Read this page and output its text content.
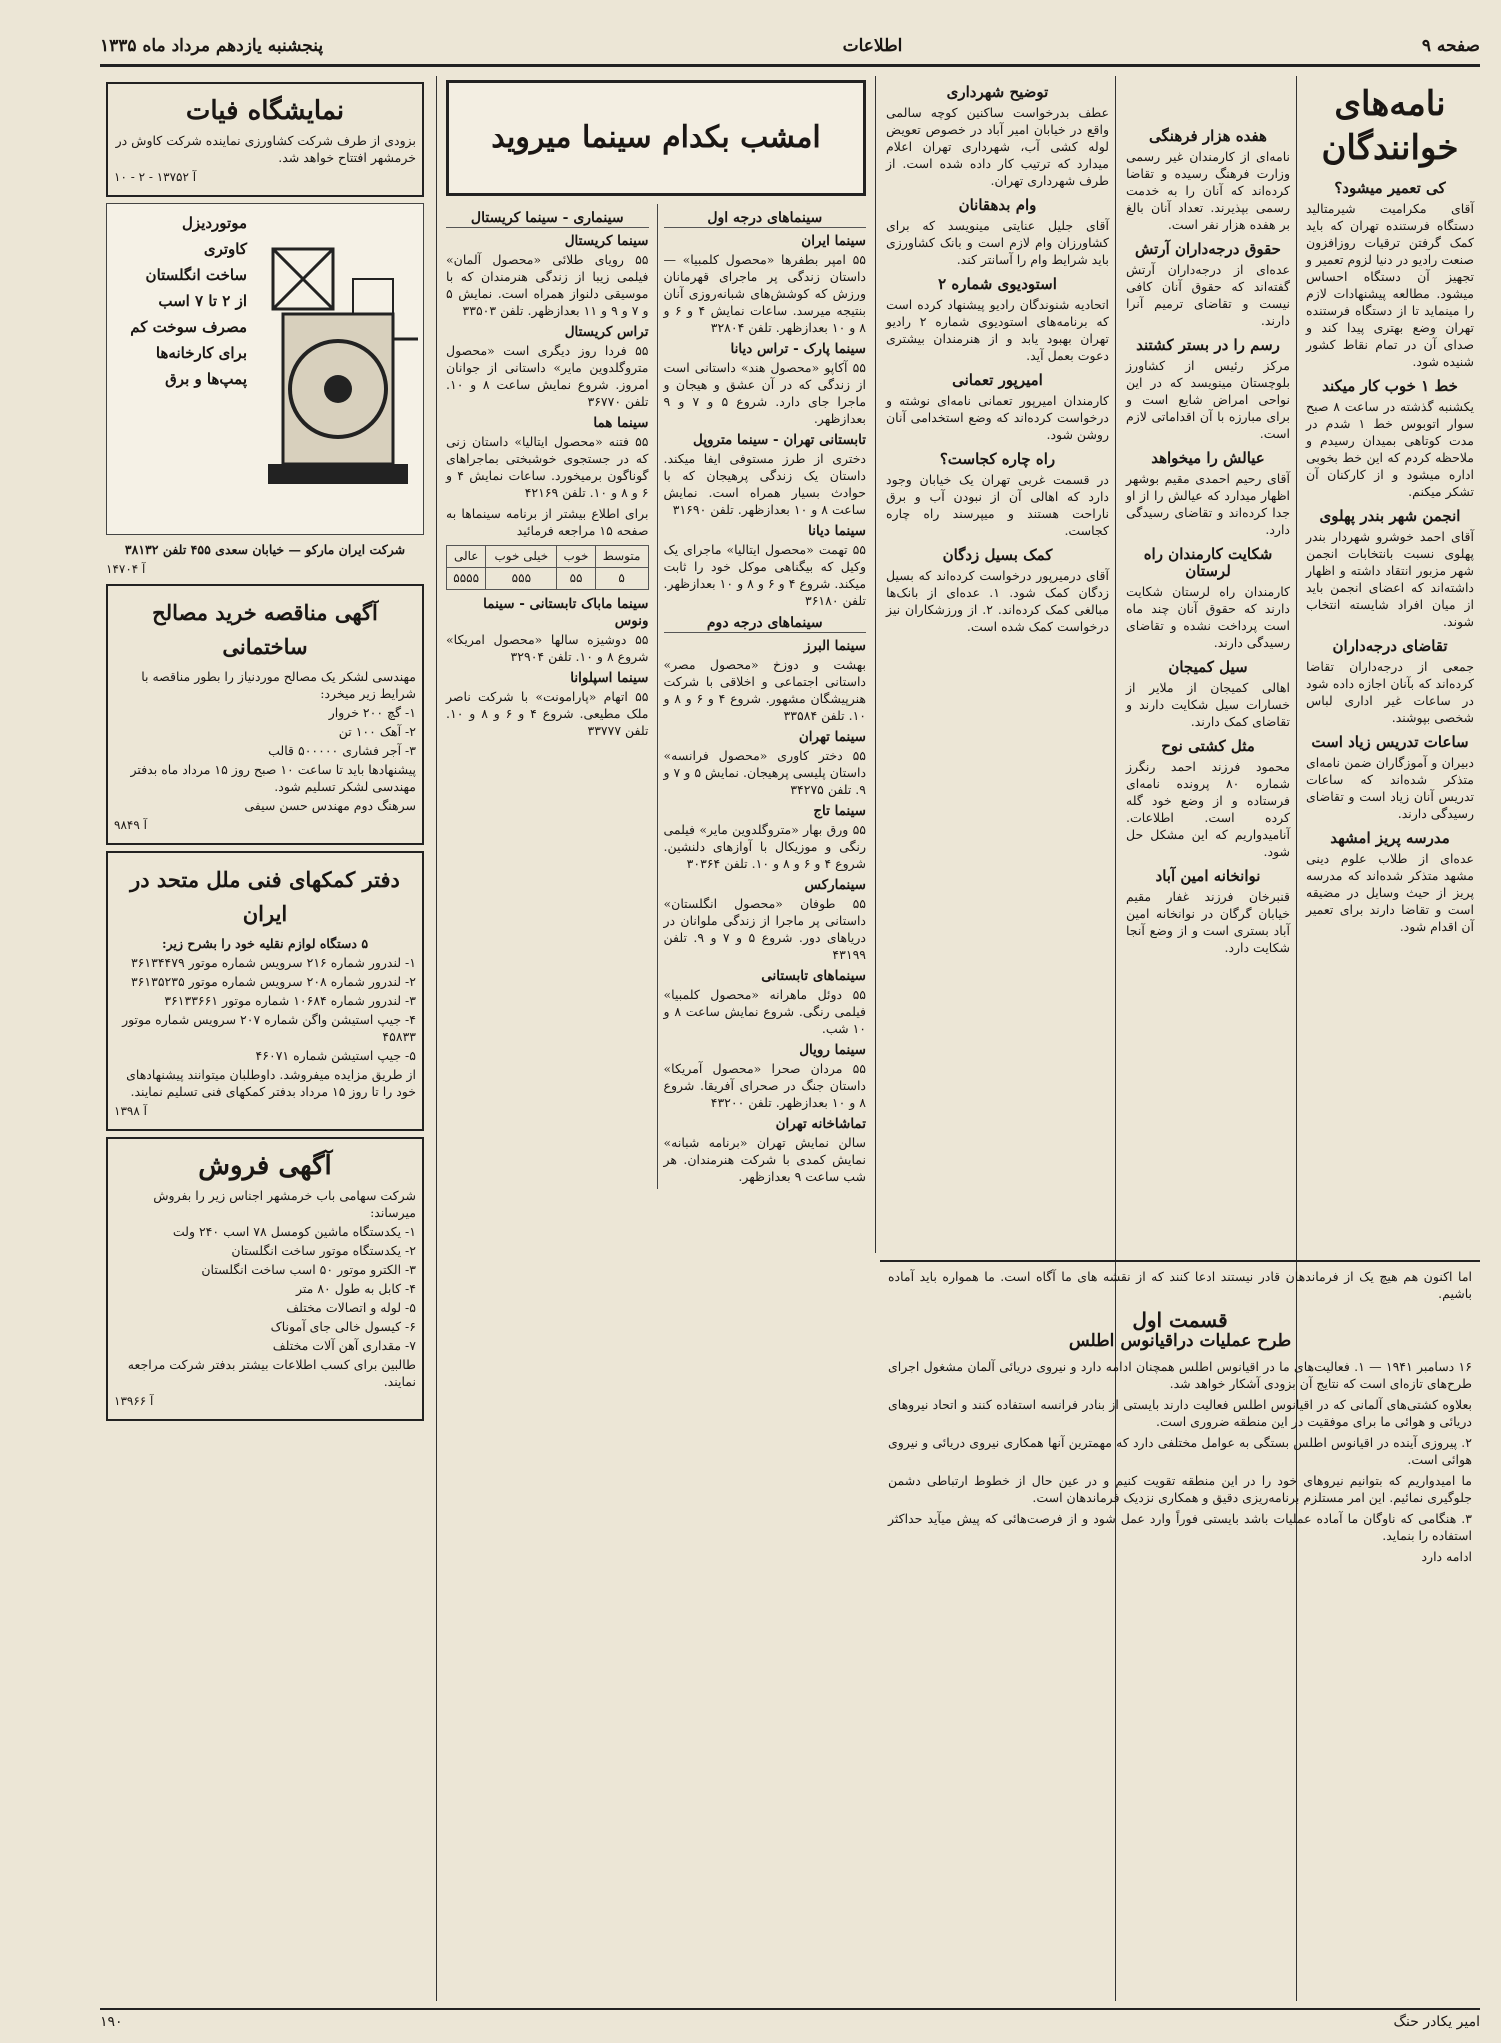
صفحه ۹
اطلاعات
پنجشنبه یازدهم مرداد ماه ۱۳۳۵
نامه‌های خوانندگان
کی تعمیر میشود؟

آقای مکرامیت شیرمتالید دستگاه فرستنده تهران که باید کمک گرفتن ترقیات روزافزون صنعت رادیو در دنیا لزوم تعمیر و تجهیز آن دستگاه احساس میشود. مطالعه پیشنهادات لازم را مینماید تا از دستگاه فرستنده تهران وضع بهتری پیدا کند و صدای آن در تمام نقاط کشور شنیده شود.

خط ۱ خوب کار میکند

یکشنبه گذشته در ساعت ۸ صبح سوار اتوبوس خط ۱ شدم در مدت کوتاهی بمیدان رسیدم و ملاحظه کردم که این خط بخوبی اداره میشود و از کارکنان آن تشکر میکنم.

انجمن شهر بندر پهلوی

آقای احمد خوشرو شهردار بندر پهلوی نسبت بانتخابات انجمن شهر مزبور انتقاد داشته و اظهار داشته‌اند که اعضای انجمن باید از میان افراد شایسته انتخاب شوند.

تقاضای درجه‌داران

جمعی از درجه‌داران تقاضا کرده‌اند که بآنان اجازه داده شود در ساعات غیر اداری لباس شخصی بپوشند.

ساعات تدریس زیاد است

دبیران و آموزگاران ضمن نامه‌ای متذکر شده‌اند که ساعات تدریس آنان زیاد است و تقاضای رسیدگی دارند.

مدرسه پریز امشهد

عده‌ای از طلاب علوم دینی مشهد متذکر شده‌اند که مدرسه پریز از حیث وسایل در مضیقه است و تقاضا دارند برای تعمیر آن اقدام شود.

هفده هزار فرهنگی

نامه‌ای از کارمندان غیر رسمی وزارت فرهنگ رسیده و تقاضا کرده‌اند که آنان را به خدمت رسمی بپذیرند. تعداد آنان بالغ بر هفده هزار نفر است.

حقوق درجه‌داران آرتش

عده‌ای از درجه‌داران آرتش گفته‌اند که حقوق آنان کافی نیست و تقاضای ترمیم آنرا دارند.

رسم را در بستر کشتند

مرکز رئیس از کشاورز بلوچستان مینویسد که در این نواحی امراض شایع است و برای مبارزه با آن اقداماتی لازم است.

عیالش را میخواهد

آقای رحیم احمدی مقیم بوشهر اظهار میدارد که عیالش را از او جدا کرده‌اند و تقاضای رسیدگی دارد.

شکایت کارمندان راه لرستان

کارمندان راه لرستان شکایت دارند که حقوق آنان چند ماه است پرداخت نشده و تقاضای رسیدگی دارند.

سیل کمیجان

اهالی کمیجان از ملایر از خسارات سیل شکایت دارند و تقاضای کمک دارند.

مثل کشتی نوح

محمود فرزند احمد رنگرز شماره ۸۰ پرونده نامه‌ای فرستاده و از وضع خود گله کرده است. اطلاعات. آنامیدواریم که این مشکل حل شود.

نوانخانه امین آباد

قنبرخان فرزند غفار مقیم خیابان گرگان در نوانخانه امین آباد بستری است و از وضع آنجا شکایت دارد.

توضیح شهرداری

عطف بدرخواست ساکنین کوچه سالمی واقع در خیابان امیر آباد در خصوص تعویض لوله کشی آب، شهرداری تهران اعلام میدارد که ترتیب کار داده شده است. از طرف شهرداری تهران.

وام بدهقانان

آقای جلیل عنایتی مینویسد که برای کشاورزان وام لازم است و بانک کشاورزی باید شرایط وام را آسانتر کند.

استودیوی شماره ۲

اتحادیه شنوندگان رادیو پیشنهاد کرده است که برنامه‌های استودیوی شماره ۲ رادیو تهران بهبود یابد و از هنرمندان بیشتری دعوت بعمل آید.

امیرپور تعمانی

کارمندان امیرپور تعمانی نامه‌ای نوشته و درخواست کرده‌اند که وضع استخدامی آنان روشن شود.

راه چاره کجاست؟

در قسمت غربی تهران یک خیابان وجود دارد که اهالی آن از نبودن آب و برق ناراحت هستند و میپرسند راه چاره کجاست.

کمک بسیل زدگان

آقای درمیرپور درخواست کرده‌اند که بسیل زدگان کمک شود. ۱. عده‌ای از بانک‌ها مبالغی کمک کرده‌اند. ۲. از ورزشکاران نیز درخواست کمک شده است.

اما اکنون هم هیچ یک از فرماندهان قادر نیستند ادعا کنند که از نقشه های ما آگاه است. ما همواره باید آماده باشیم.

قسمت اول
طرح عملیات دراقیانوس اطلس

۱۶ دسامبر ۱۹۴۱ — ۱. فعالیت‌های ما در اقیانوس اطلس همچنان ادامه دارد و نیروی دریائی آلمان مشغول اجرای طرح‌های تازه‌ای است که نتایج آن بزودی آشکار خواهد شد.

بعلاوه کشتی‌های آلمانی که در اقیانوس اطلس فعالیت دارند بایستی از بنادر فرانسه استفاده کنند و اتحاد نیروهای دریائی و هوائی ما برای موفقیت در این منطقه ضروری است.

۲. پیروزی آینده در اقیانوس اطلس بستگی به عوامل مختلفی دارد که مهمترین آنها همکاری نیروی دریائی و نیروی هوائی است.

ما امیدواریم که بتوانیم نیروهای خود را در این منطقه تقویت کنیم و در عین حال از خطوط ارتباطی دشمن جلوگیری نمائیم. این امر مستلزم برنامه‌ریزی دقیق و همکاری نزدیک فرماندهان است.

۳. هنگامی که ناوگان ما آماده عملیات باشد بایستی فوراً وارد عمل شود و از فرصت‌هائی که پیش میآید حداکثر استفاده را بنماید.

ادامه دارد

امشب بکدام سینما میروید
سینماهای درجه اول
سینما ایران

۵۵ امپر بطفرها «محصول کلمبیا» — داستان زندگی پر ماجرای قهرمانان ورزش که کوشش‌های شبانه‌روزی آنان بنتیجه میرسد. ساعات نمایش ۴ و ۶ و ۸ و ۱۰ بعدازظهر. تلفن ۳۲۸۰۴

سینما پارک - تراس دیانا

۵۵ آکاپو «محصول هند» داستانی است از زندگی که در آن عشق و هیجان و ماجرا جای دارد. شروع ۵ و ۷ و ۹ بعدازظهر.

تابستانی تهران - سینما متروپل

دختری از طرز مستوفی ایفا میکند. داستان یک زندگی پرهیجان که با حوادث بسیار همراه است. نمایش ساعت ۸ و ۱۰ بعدازظهر. تلفن ۳۱۶۹۰

سینما دیانا

۵۵ تهمت «محصول ایتالیا» ماجرای یک وکیل که بیگناهی موکل خود را ثابت میکند. شروع ۴ و ۶ و ۸ و ۱۰ بعدازظهر. تلفن ۳۶۱۸۰

سینماهای درجه دوم
سینما البرز

بهشت و دوزخ «محصول مصر» داستانی اجتماعی و اخلاقی با شرکت هنرپیشگان مشهور. شروع ۴ و ۶ و ۸ و ۱۰. تلفن ۳۳۵۸۴

سینما تهران

۵۵ دختر کاوری «محصول فرانسه» داستان پلیسی پرهیجان. نمایش ۵ و ۷ و ۹. تلفن ۳۴۲۷۵

سینما تاج

۵۵ ورق بهار «متروگلدوین مایر» فیلمی رنگی و موزیکال با آوازهای دلنشین. شروع ۴ و ۶ و ۸ و ۱۰. تلفن ۳۰۳۶۴

سینمارکس

۵۵ طوفان «محصول انگلستان» داستانی پر ماجرا از زندگی ملوانان در دریاهای دور. شروع ۵ و ۷ و ۹. تلفن ۴۳۱۹۹

سینماهای تابستانی

۵۵ دوئل ماهرانه «محصول کلمبیا» فیلمی رنگی. شروع نمایش ساعت ۸ و ۱۰ شب.

سینما رویال

۵۵ مردان صحرا «محصول آمریکا» داستان جنگ در صحرای آفریقا. شروع ۸ و ۱۰ بعدازظهر. تلفن ۴۳۲۰۰

تماشاخانه تهران

سالن نمایش تهران «برنامه شبانه» نمایش کمدی با شرکت هنرمندان. هر شب ساعت ۹ بعدازظهر.

سینماری - سینما کریستال
سینما کریستال

۵۵ رویای طلائی «محصول آلمان» فیلمی زیبا از زندگی هنرمندان که با موسیقی دلنواز همراه است. نمایش ۵ و ۷ و ۹ و ۱۱ بعدازظهر. تلفن ۳۳۵۰۳

تراس کریستال

۵۵ فردا روز دیگری است «محصول متروگلدوین مایر» داستانی از جوانان امروز. شروع نمایش ساعت ۸ و ۱۰. تلفن ۳۶۷۷۰

سینما هما

۵۵ فتنه «محصول ایتالیا» داستان زنی که در جستجوی خوشبختی بماجراهای گوناگون برمیخورد. ساعات نمایش ۴ و ۶ و ۸ و ۱۰. تلفن ۴۲۱۶۹

برای اطلاع بیشتر از برنامه سینماها به صفحه ۱۵ مراجعه فرمائید
متوسط	خوب	خیلی خوب	عالی
۵	۵۵	۵۵۵	۵۵۵۵
سینما ماباک تابستانی - سینما ونوس

۵۵ دوشیزه سالها «محصول امریکا» شروع ۸ و ۱۰. تلفن ۳۲۹۰۴

سینما اسپلوانا

۵۵ اتهام «پارامونت» با شرکت ناصر ملک مطیعی. شروع ۴ و ۶ و ۸ و ۱۰. تلفن ۳۳۷۷۷

نمایشگاه فیات
بزودی از طرف شرکت کشاورزی نماینده شرکت کاوش در خرمشهر افتتاح خواهد شد.
آ ۱۳۷۵۲ - ۲ - ۱۰
موتوردیزل
کاوتری
ساخت انگلستان
از ۲ تا ۷ اسب
مصرف سوخت کم
برای کارخانه‌ها
پمپ‌ها و برق
شرکت ایران مارکو — خیابان سعدی ۴۵۵ تلفن ۳۸۱۳۲
آ ۱۴۷۰۴
آگهی مناقصه خرید مصالح ساختمانی
مهندسی لشکر یک مصالح موردنیاز را بطور مناقصه با شرایط زیر میخرد:
۱- گچ ۲۰۰ خروار
۲- آهک ۱۰۰ تن
۳- آجر فشاری ۵۰۰۰۰۰ قالب
پیشنهادها باید تا ساعت ۱۰ صبح روز ۱۵ مرداد ماه بدفتر مهندسی لشکر تسلیم شود.
سرهنگ دوم مهندس حسن سیفی
آ ۹۸۴۹
دفتر کمکهای فنی ملل متحد در ایران
۵ دستگاه لوازم نقلیه خود را بشرح زیر:
۱- لندرور شماره ۲۱۶ سرویس شماره موتور ۳۶۱۳۴۴۷۹
۲- لندرور شماره ۲۰۸ سرویس شماره موتور ۳۶۱۳۵۲۳۵
۳- لندرور شماره ۱۰۶۸۴ شماره موتور ۳۶۱۳۳۶۶۱
۴- جیپ استیشن واگن شماره ۲۰۷ سرویس شماره موتور ۴۵۸۳۳
۵- جیپ استیشن شماره ۴۶۰۷۱
از طریق مزایده میفروشد. داوطلبان میتوانند پیشنهادهای خود را تا روز ۱۵ مرداد بدفتر کمکهای فنی تسلیم نمایند.
آ ۱۳۹۸
آگهی فروش
شرکت سهامی باب خرمشهر اجناس زیر را بفروش میرساند:
۱- یکدستگاه ماشین کومسل ۷۸ اسب ۲۴۰ ولت
۲- یکدستگاه موتور ساخت انگلستان
۳- الکترو موتور ۵۰ اسب ساخت انگلستان
۴- کابل به طول ۸۰ متر
۵- لوله و اتصالات مختلف
۶- کیسول خالی جای آموناک
۷- مقداری آهن آلات مختلف
طالبین برای کسب اطلاعات بیشتر بدفتر شرکت مراجعه نمایند.
آ ۱۳۹۶۶
امیر یکادر حنگ
۱۹۰
